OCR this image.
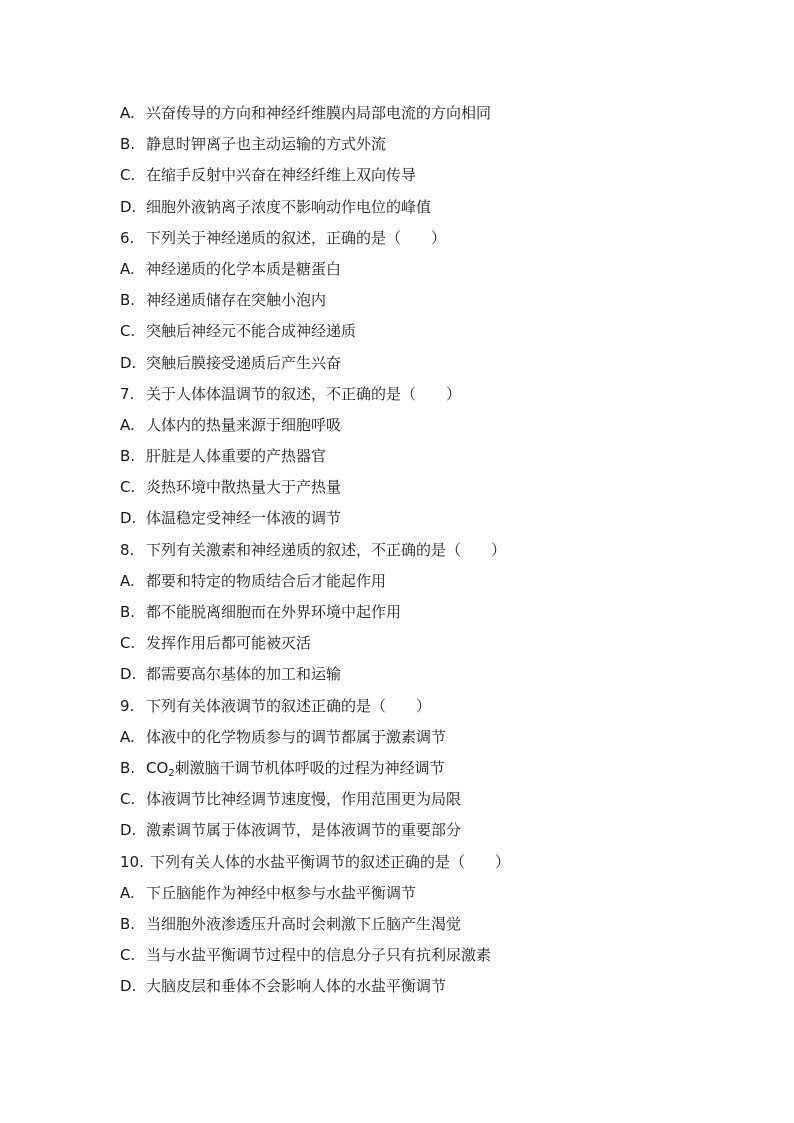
A. 兴奋传导的方向和神经纤维膜内局部电流的方向相同
B. 静息时钾离子也主动运输的方式外流
C. 在缩手反射中兴奋在神经纤维上双向传导
D. 细胞外液钠离子浓度不影响动作电位的峰值
6. 下列关于神经递质的叙述，正确的是（　　）
A. 神经递质的化学本质是糖蛋白
B. 神经递质储存在突触小泡内
C. 突触后神经元不能合成神经递质
D. 突触后膜接受递质后产生兴奋
7. 关于人体体温调节的叙述，不正确的是（　　）
A. 人体内的热量来源于细胞呼吸
B. 肝脏是人体重要的产热器官
C. 炎热环境中散热量大于产热量
D. 体温稳定受神经一体液的调节
8. 下列有关激素和神经递质的叙述，不正确的是（　　）
A. 都要和特定的物质结合后才能起作用
B. 都不能脱离细胞而在外界环境中起作用
C. 发挥作用后都可能被灭活
D. 都需要高尔基体的加工和运输
9. 下列有关体液调节的叙述正确的是（　　）
A. 体液中的化学物质参与的调节都属于激素调节
B. $CO_2$刺激脑干调节机体呼吸的过程为神经调节
C. 体液调节比神经调节速度慢，作用范围更为局限
D. 激素调节属于体液调节，是体液调节的重要部分
10. 下列有关人体的水盐平衡调节的叙述正确的是（　　）
A. 下丘脑能作为神经中枢参与水盐平衡调节
B. 当细胞外液渗透压升高时会刺激下丘脑产生渴觉
C. 当与水盐平衡调节过程中的信息分子只有抗利尿激素
D. 大脑皮层和垂体不会影响人体的水盐平衡调节
